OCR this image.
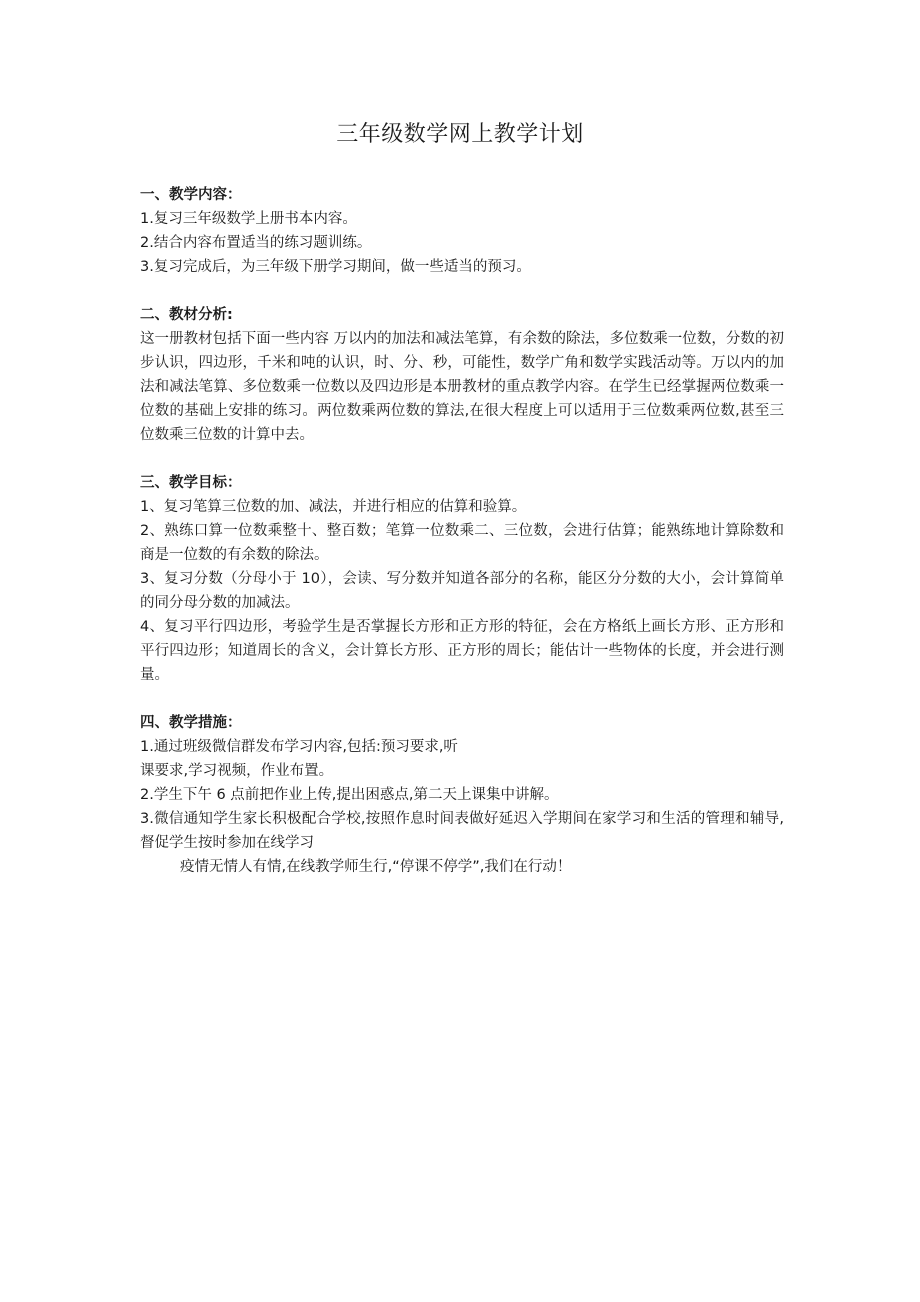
三年级数学网上教学计划

一、教学内容：

1.复习三年级数学上册书本内容。

2.结合内容布置适当的练习题训练。

3.复习完成后，为三年级下册学习期间，做一些适当的预习。

二、教材分析:

这一册教材包括下面一些内容 万以内的加法和减法笔算，有余数的除法，多位数乘一位数，分数的初步认识，四边形，千米和吨的认识，时、分、秒，可能性，数学广角和数学实践活动等。万以内的加法和减法笔算、多位数乘一位数以及四边形是本册教材的重点教学内容。在学生已经掌握两位数乘一位数的基础上安排的练习。两位数乘两位数的算法,在很大程度上可以适用于三位数乘两位数,甚至三位数乘三位数的计算中去。

三、教学目标：

1、复习笔算三位数的加、减法，并进行相应的估算和验算。

2、熟练口算一位数乘整十、整百数；笔算一位数乘二、三位数，会进行估算；能熟练地计算除数和商是一位数的有余数的除法。

3、复习分数（分母小于 10），会读、写分数并知道各部分的名称，能区分分数的大小，会计算简单的同分母分数的加减法。

4、复习平行四边形，考验学生是否掌握长方形和正方形的特征，会在方格纸上画长方形、正方形和平行四边形；知道周长的含义，会计算长方形、正方形的周长；能估计一些物体的长度，并会进行测量。

四、教学措施：

1.通过班级微信群发布学习内容,包括:预习要求,听

课要求,学习视频，作业布置。

2.学生下午 6 点前把作业上传,提出困惑点,第二天上课集中讲解。

3.微信通知学生家长积极配合学校,按照作息时间表做好延迟入学期间在家学习和生活的管理和辅导,督促学生按时参加在线学习

疫情无情人有情,在线教学师生行,“停课不停学”,我们在行动！
